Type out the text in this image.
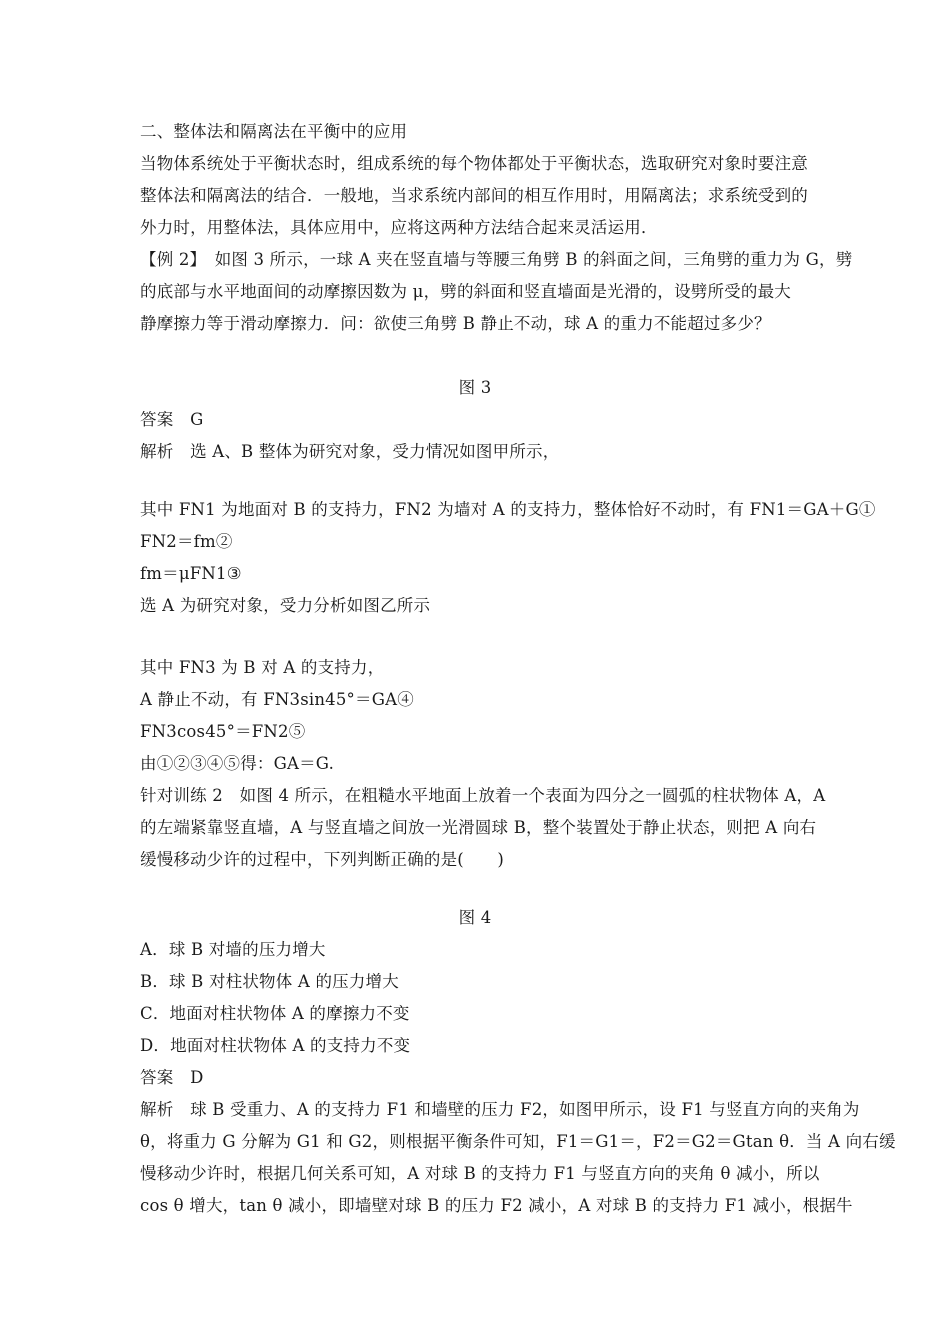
二、整体法和隔离法在平衡中的应用
当物体系统处于平衡状态时，组成系统的每个物体都处于平衡状态，选取研究对象时要注意
整体法和隔离法的结合．一般地，当求系统内部间的相互作用时，用隔离法；求系统受到的
外力时，用整体法，具体应用中，应将这两种方法结合起来灵活运用．
【例 2】　如图 3 所示，一球 A 夹在竖直墙与等腰三角劈 B 的斜面之间，三角劈的重力为 G，劈
的底部与水平地面间的动摩擦因数为 μ，劈的斜面和竖直墙面是光滑的，设劈所受的最大
静摩擦力等于滑动摩擦力．问：欲使三角劈 B 静止不动，球 A 的重力不能超过多少？
图 3
答案　G
解析　选 A、B 整体为研究对象，受力情况如图甲所示，
其中 FN1 为地面对 B 的支持力，FN2 为墙对 A 的支持力，整体恰好不动时，有 FN1＝GA＋G①
FN2＝fm②
fm＝μFN1③
选 A 为研究对象，受力分析如图乙所示
其中 FN3 为 B 对 A 的支持力，
A 静止不动，有 FN3sin45°＝GA④
FN3cos45°＝FN2⑤
由①②③④⑤得：GA＝G.
针对训练 2　如图 4 所示，在粗糙水平地面上放着一个表面为四分之一圆弧的柱状物体 A，A
的左端紧靠竖直墙，A 与竖直墙之间放一光滑圆球 B，整个装置处于静止状态，则把 A 向右
缓慢移动少许的过程中，下列判断正确的是(　　)
图 4
A．球 B 对墙的压力增大
B．球 B 对柱状物体 A 的压力增大
C．地面对柱状物体 A 的摩擦力不变
D．地面对柱状物体 A 的支持力不变
答案　D
解析　球 B 受重力、A 的支持力 F1 和墙壁的压力 F2，如图甲所示，设 F1 与竖直方向的夹角为
θ，将重力 G 分解为 G1 和 G2，则根据平衡条件可知，F1＝G1＝，F2＝G2＝Gtan θ．当 A 向右缓
慢移动少许时，根据几何关系可知，A 对球 B 的支持力 F1 与竖直方向的夹角 θ 减小，所以
cos θ 增大，tan θ 减小，即墙壁对球 B 的压力 F2 减小，A 对球 B 的支持力 F1 减小，根据牛
